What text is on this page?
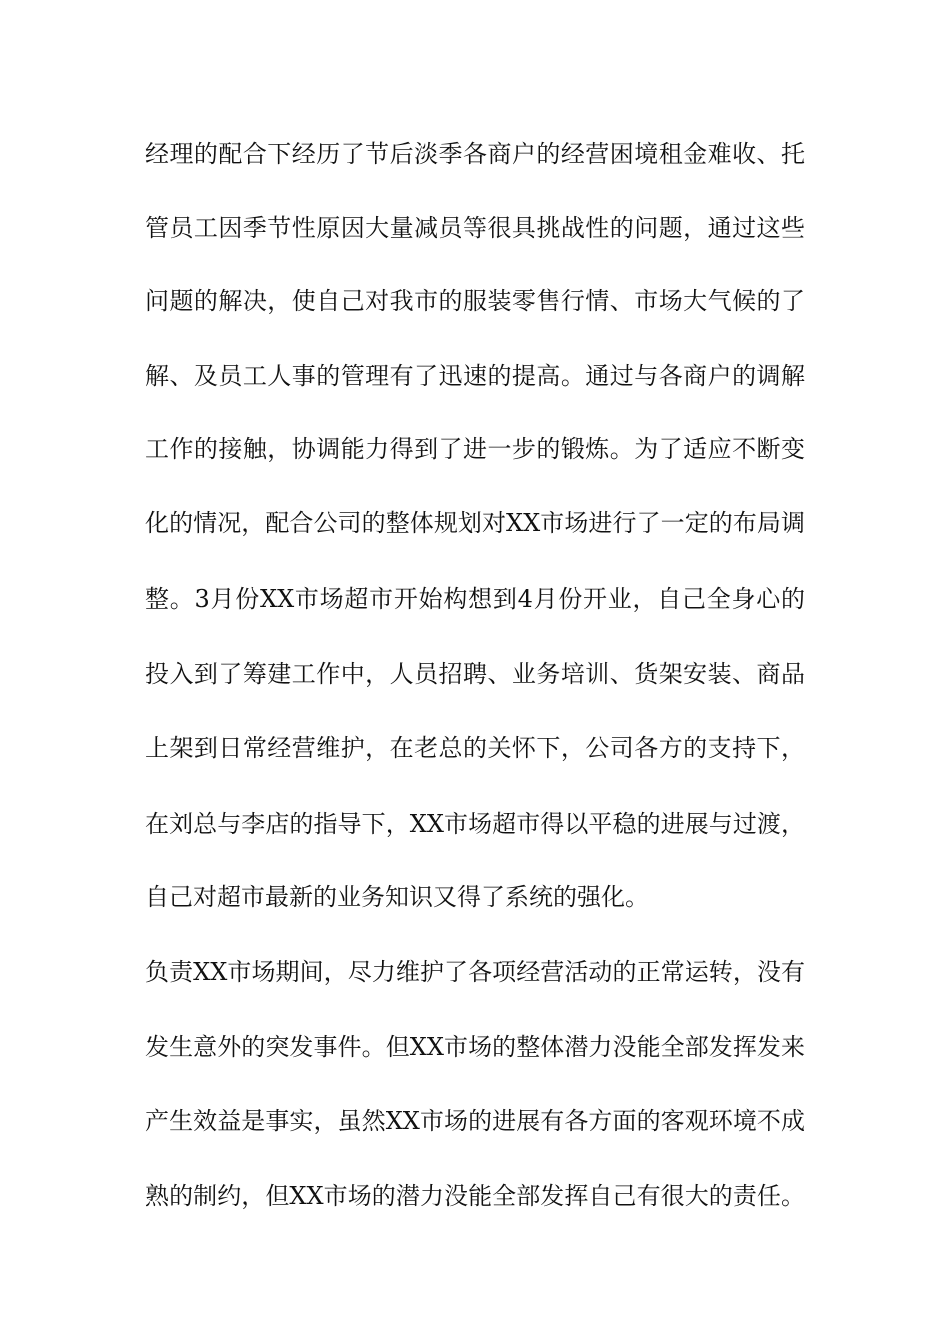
经理的配合下经历了节后淡季各商户的经营困境租金难收、托
管员工因季节性原因大量减员等很具挑战性的问题，通过这些
问题的解决，使自己对我市的服装零售行情、市场大气候的了
解、及员工人事的管理有了迅速的提高。通过与各商户的调解
工作的接触，协调能力得到了进一步的锻炼。为了适应不断变
化的情况，配合公司的整体规划对XX市场进行了一定的布局调
整。3月份XX市场超市开始构想到4月份开业，自己全身心的
投入到了筹建工作中，人员招聘、业务培训、货架安装、商品
上架到日常经营维护，在老总的关怀下，公司各方的支持下，
在刘总与李店的指导下，XX市场超市得以平稳的进展与过渡，
自己对超市最新的业务知识又得了系统的强化。
负责XX市场期间，尽力维护了各项经营活动的正常运转，没有
发生意外的突发事件。但XX市场的整体潜力没能全部发挥发来
产生效益是事实，虽然XX市场的进展有各方面的客观环境不成
熟的制约，但XX市场的潜力没能全部发挥自己有很大的责任。
